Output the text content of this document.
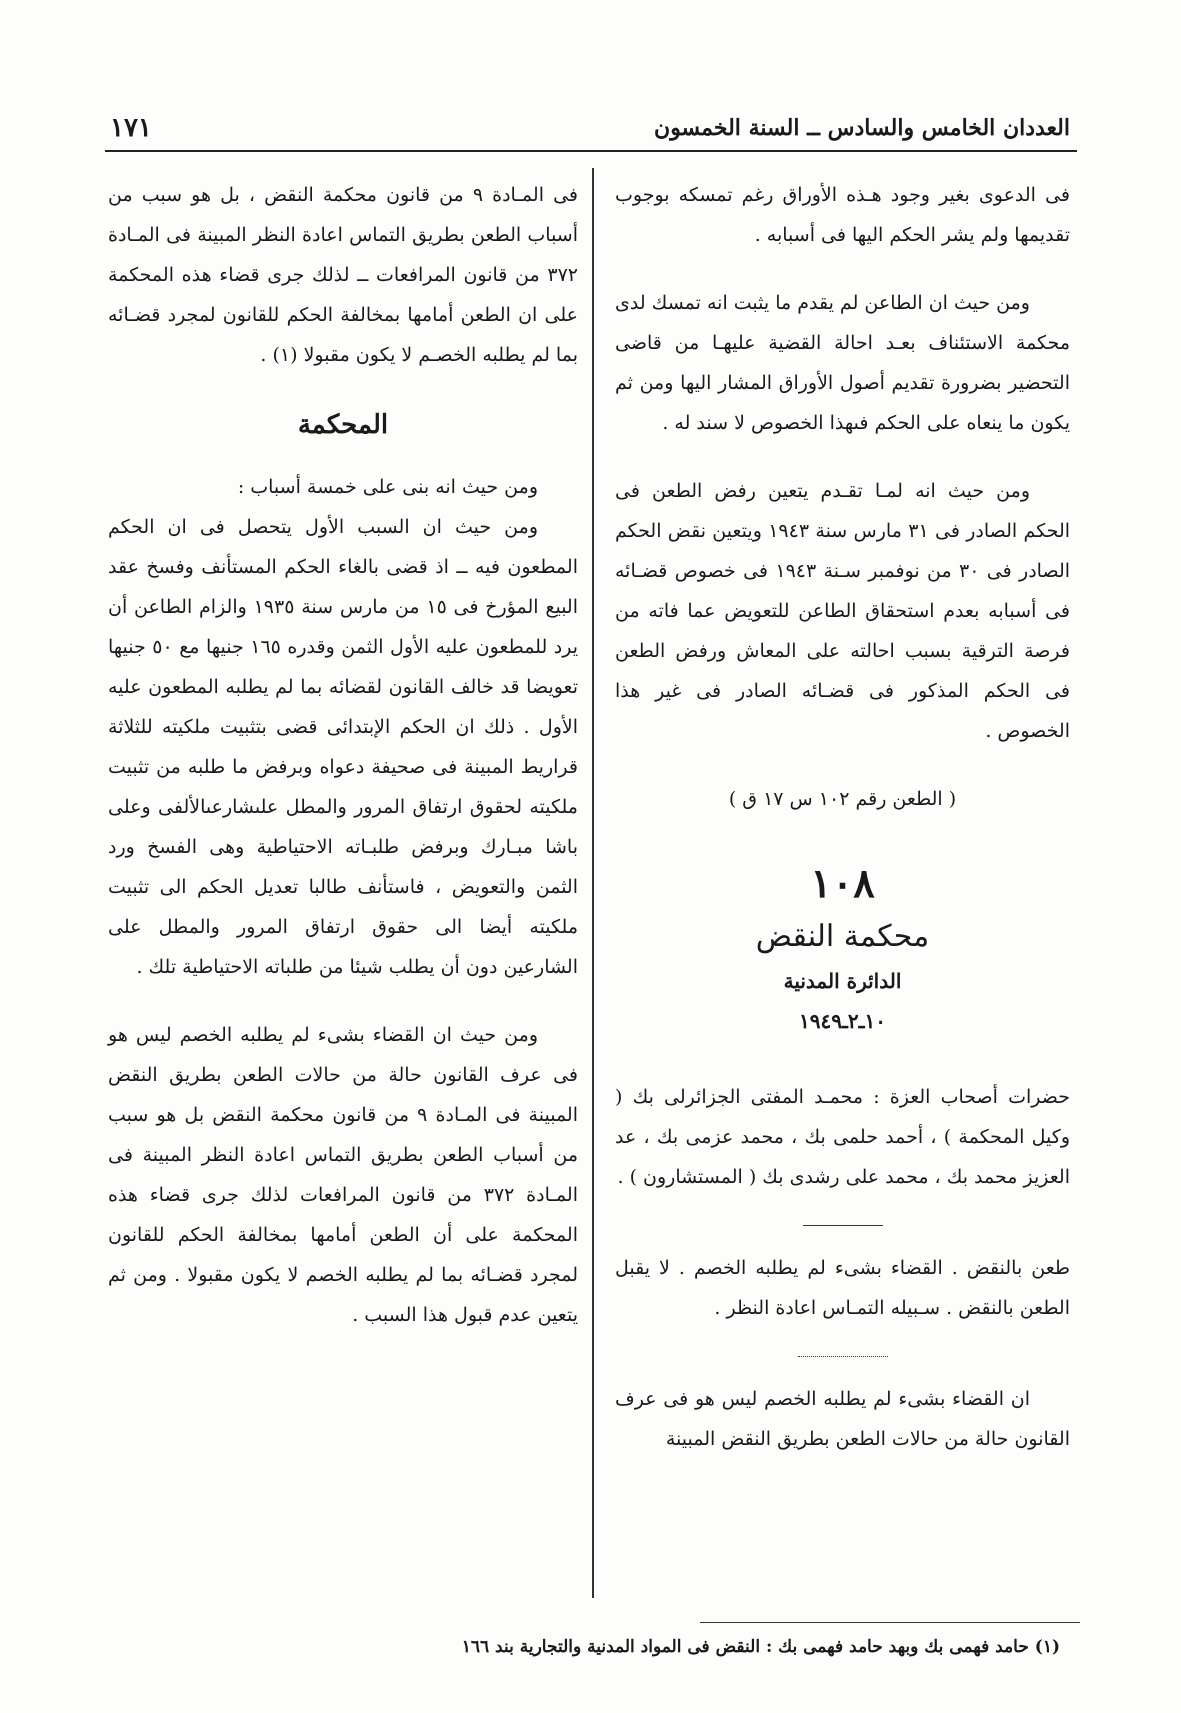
١٧١	العددان الخامس والسادس ــ السنة الخمسون

فى الدعوى بغير وجود هـذه الأوراق رغم تمسكه بوجوب تقديمها ولم يشر الحكم اليها فى أسبابه .

ومن حيث ان الطاعن لم يقدم ما يثبت انه تمسك لدى محكمة الاستئناف بعـد احالة القضية عليهـا من قاضى التحضير بضرورة تقديم أصول الأوراق المشار اليها ومن ثم يكون ما ينعاه على الحكم فىهذا الخصوص لا سند له .

ومن حيث انه لمـا تقـدم يتعين رفض الطعن فى الحكم الصادر فى ٣١ مارس سنة ١٩٤٣ ويتعين نقض الحكم الصادر فى ٣٠ من نوفمبر سـنة ١٩٤٣ فى خصوص قضـائه فى أسبابه بعدم استحقاق الطاعن للتعويض عما فاته من فرصة الترقية بسبب احالته على المعاش ورفض الطعن فى الحكم المذكور فى قضـائه الصادر فى غير هذا الخصوص .

( الطعن رقم ١٠٢ س ١٧ ق )

١٠٨
محكمة النقض
الدائرة المدنية
١٠ـ٢ـ١٩٤٩

حضرات أصحاب العزة : محمـد المفتى الجزائرلى بك ( وكيل المحكمة ) ، أحمد حلمى بك ، محمد عزمى بك ، عد العزيز محمد بك ، محمد على رشدى بك ( المستشارون ) .

طعن بالنقض . القضاء بشىء لم يطلبه الخصم . لا يقبل الطعن بالنقض . سـبيله التمـاس اعادة النظر .

ان القضاء بشىء لم يطلبه الخصم ليس هو فى عرف القانون حالة من حالات الطعن بطريق النقض المبينة

فى المـادة ٩ من قانون محكمة النقض ، بل هو سبب من أسباب الطعن بطريق التماس اعادة النظر المبينة فى المـادة ٣٧٢ من قانون المرافعات ــ لذلك جرى قضاء هذه المحكمة على ان الطعن أمامها بمخالفة الحكم للقانون لمجرد قضـائه بما لم يطلبه الخصـم لا يكون مقبولا (١) .

المحكمة

ومن حيث انه بنى على خمسة أسباب :

ومن حيث ان السبب الأول يتحصل فى ان الحكم المطعون فيه ــ اذ قضى بالغاء الحكم المستأنف وفسخ عقد البيع المؤرخ فى ١٥ من مارس سنة ١٩٣٥ والزام الطاعن أن يرد للمطعون عليه الأول الثمن وقدره ١٦٥ جنيها مع ٥٠ جنيها تعويضا قد خالف القانون لقضائه بما لم يطلبه المطعون عليه الأول . ذلك ان الحكم الإبتدائى قضى بتثبيت ملكيته للثلاثة قراريط المبينة فى صحيفة دعواه وبرفض ما طلبه من تثبيت ملكيته لحقوق ارتفاق المرور والمطل علىشارعىالألفى وعلى باشا مبـارك وبرفض طلبـاته الاحتياطية وهى الفسخ ورد الثمن والتعويض ، فاستأنف طالبا تعديل الحكم الى تثبيت ملكيته أيضا الى حقوق ارتفاق المرور والمطل على الشارعين دون أن يطلب شيئا من طلباته الاحتياطية تلك .

ومن حيث ان القضاء بشىء لم يطلبه الخصم ليس هو فى عرف القانون حالة من حالات الطعن بطريق النقض المبينة فى المـادة ٩ من قانون محكمة النقض بل هو سبب من أسباب الطعن بطريق التماس اعادة النظر المبينة فى المـادة ٣٧٢ من قانون المرافعات لذلك جرى قضاء هذه المحكمة على أن الطعن أمامها بمخالفة الحكم للقانون لمجرد قضـائه بما لم يطلبه الخصم لا يكون مقبولا . ومن ثم يتعين عدم قبول هذا السبب .

(١) حامد فهمى بك وبهد حامد فهمى بك : النقض فى المواد المدنية والتجارية بند ١٦٦
